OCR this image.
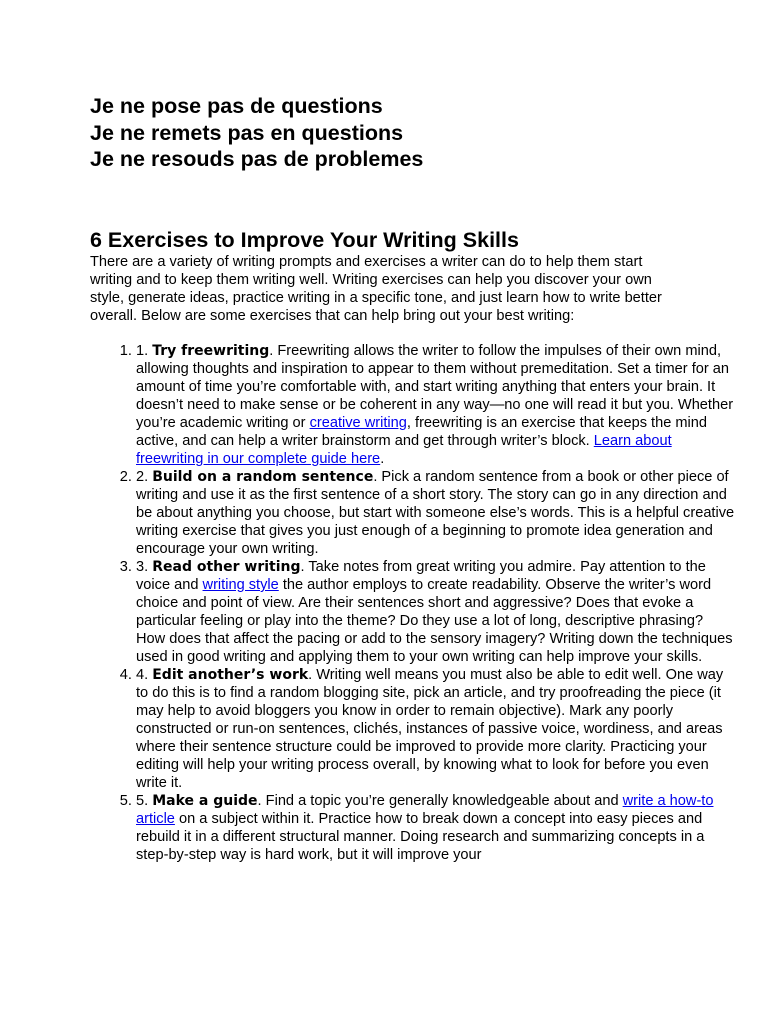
Je ne pose pas de questions
Je ne remets pas en questions
Je ne resouds pas de problemes
6 Exercises to Improve Your Writing Skills

There are a variety of writing prompts and exercises a writer can do to help them start writing and to keep them writing well. Writing exercises can help you discover your own style, generate ideas, practice writing in a specific tone, and just learn how to write better overall. Below are some exercises that can help bring out your best writing:

1. 1. Try freewriting. Freewriting allows the writer to follow the impulses of their own mind, allowing thoughts and inspiration to appear to them without premeditation. Set a timer for an amount of time you’re comfortable with, and start writing anything that enters your brain. It doesn’t need to make sense or be coherent in any way—no one will read it but you. Whether you’re academic writing or creative writing, freewriting is an exercise that keeps the mind active, and can help a writer brainstorm and get through writer’s block. Learn about freewriting in our complete guide here.
2. 2. Build on a random sentence. Pick a random sentence from a book or other piece of writing and use it as the first sentence of a short story. The story can go in any direction and be about anything you choose, but start with someone else’s words. This is a helpful creative writing exercise that gives you just enough of a beginning to promote idea generation and encourage your own writing.
3. 3. Read other writing. Take notes from great writing you admire. Pay attention to the voice and writing style the author employs to create readability. Observe the writer’s word choice and point of view. Are their sentences short and aggressive? Does that evoke a particular feeling or play into the theme? Do they use a lot of long, descriptive phrasing? How does that affect the pacing or add to the sensory imagery? Writing down the techniques used in good writing and applying them to your own writing can help improve your skills.
4. 4. Edit another’s work. Writing well means you must also be able to edit well. One way to do this is to find a random blogging site, pick an article, and try proofreading the piece (it may help to avoid bloggers you know in order to remain objective). Mark any poorly constructed or run-on sentences, clichés, instances of passive voice, wordiness, and areas where their sentence structure could be improved to provide more clarity. Practicing your editing will help your writing process overall, by knowing what to look for before you even write it.
5. 5. Make a guide. Find a topic you’re generally knowledgeable about and write a how-to article on a subject within it. Practice how to break down a concept into easy pieces and rebuild it in a different structural manner. Doing research and summarizing concepts in a step-by-step way is hard work, but it will improve your
